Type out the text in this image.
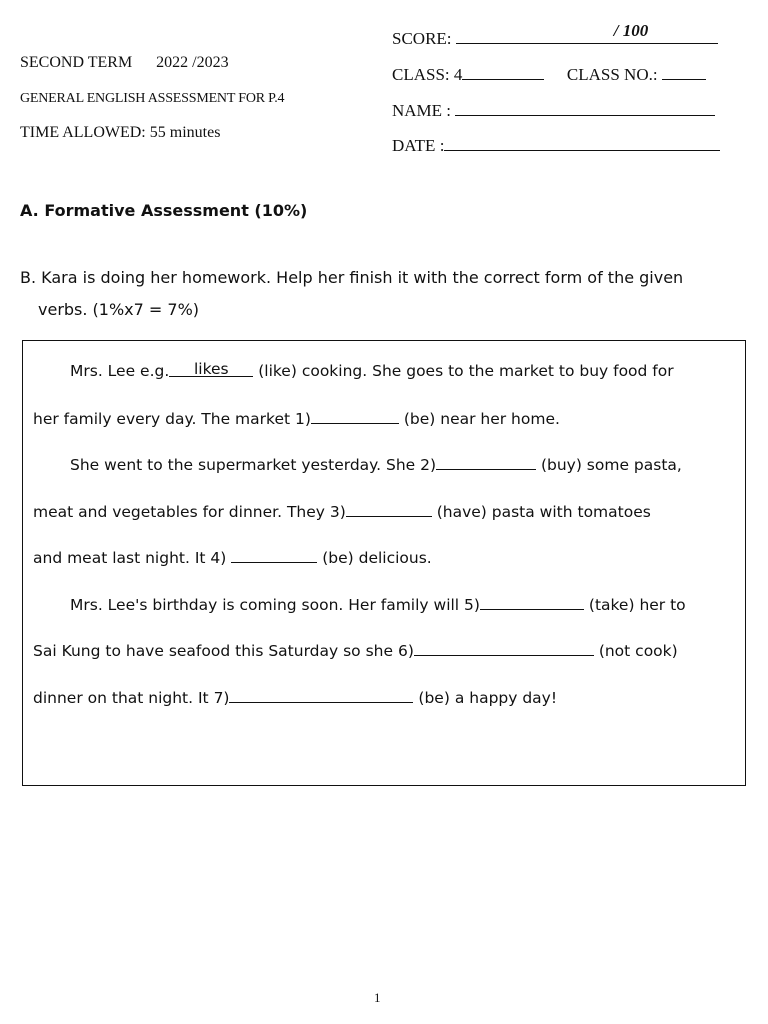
SECOND TERM 2022 /2023
GENERAL ENGLISH ASSESSMENT FOR P.4
TIME ALLOWED: 55 minutes
SCORE:	/ 100
CLASS: 4	CLASS NO.:
NAME :
DATE :
A. Formative Assessment (10%)
B. Kara is doing her homework. Help her finish it with the correct form of the given
verbs. (1%x7 = 7%)
Mrs. Lee e.g. likes (like) cooking. She goes to the market to buy food for
her family every day. The market 1)	(be) near her home.
She went to the supermarket yesterday. She 2)	(buy) some pasta,
meat and vegetables for dinner. They 3)	(have) pasta with tomatoes
and meat last night. It 4)	(be) delicious.
Mrs. Lee's birthday is coming soon. Her family will 5)	(take) her to
Sai Kung to have seafood this Saturday so she 6)	(not cook)
dinner on that night. It 7)	(be) a happy day!
1
